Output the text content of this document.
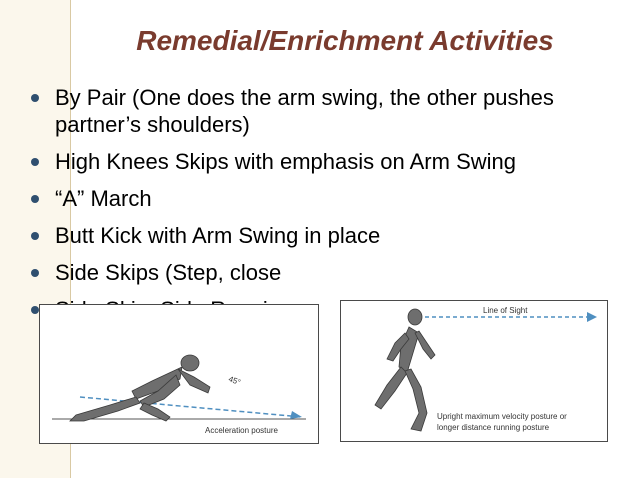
Remedial/Enrichment Activities
By Pair (One does the arm swing, the other pushes partner’s shoulders)
High Knees Skips with emphasis on Arm Swing
“A” March
Butt Kick with Arm Swing in place
Side Skips (Step, close
45°
Acceleration posture
Line of Sight
Upright maximum velocity posture or
longer distance running posture
